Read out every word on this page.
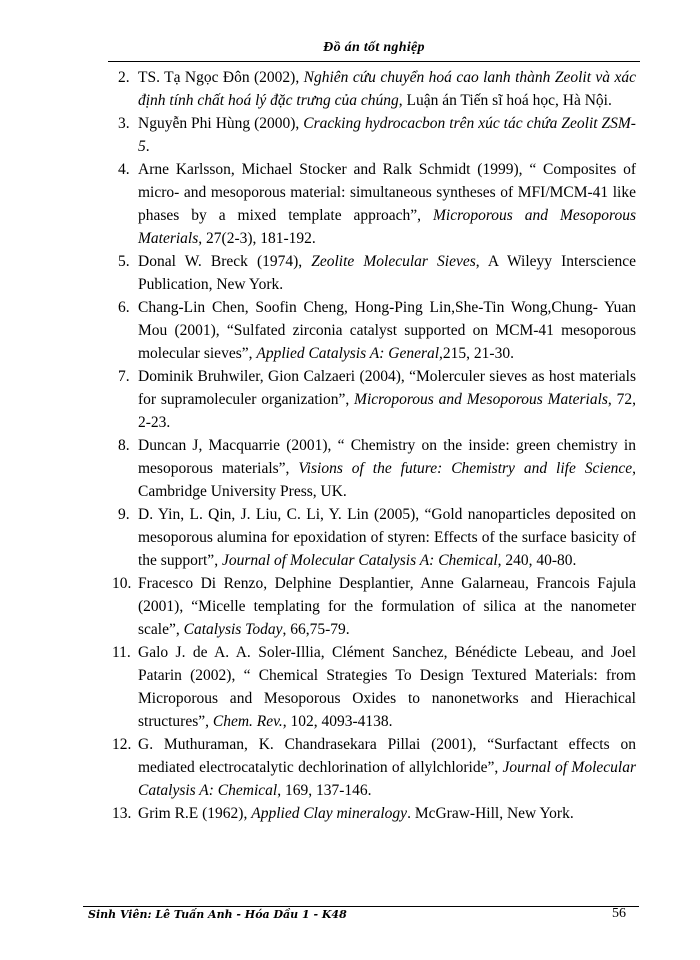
Đồ án tốt nghiệp
2. TS. Tạ Ngọc Đôn (2002), Nghiên cứu chuyển hoá cao lanh thành Zeolit và xác định tính chất hoá lý đặc trưng của chúng, Luận án Tiến sĩ hoá học, Hà Nội.
3. Nguyễn Phi Hùng (2000), Cracking hydrocacbon trên xúc tác chứa Zeolit ZSM-5.
4. Arne Karlsson, Michael Stocker and Ralk Schmidt (1999), “ Composites of micro- and mesoporous material: simultaneous syntheses of MFI/MCM-41 like phases by a mixed template approach”, Microporous and Mesoporous Materials, 27(2-3), 181-192.
5. Donal W. Breck (1974), Zeolite Molecular Sieves, A Wileyy Interscience Publication, New York.
6. Chang-Lin Chen, Soofin Cheng, Hong-Ping Lin,She-Tin Wong,Chung- Yuan Mou (2001), “Sulfated zirconia catalyst supported on MCM-41 mesoporous molecular sieves”, Applied Catalysis A: General,215, 21-30.
7. Dominik Bruhwiler, Gion Calzaeri (2004), “Molerculer sieves as host materials for supramoleculer organization”, Microporous and Mesoporous Materials, 72, 2-23.
8. Duncan J, Macquarrie (2001), “ Chemistry on the inside: green chemistry in mesoporous materials”, Visions of the future: Chemistry and life Science, Cambridge University Press, UK.
9. D. Yin, L. Qin, J. Liu, C. Li, Y. Lin (2005), “Gold nanoparticles deposited on mesoporous alumina for epoxidation of styren: Effects of the surface basicity of the support”, Journal of Molecular Catalysis A: Chemical, 240, 40-80.
10. Fracesco Di Renzo, Delphine Desplantier, Anne Galarneau, Francois Fajula (2001), “Micelle templating for the formulation of silica at the nanometer scale”, Catalysis Today, 66,75-79.
11. Galo J. de A. A. Soler-Illia, Clément Sanchez, Bénédicte Lebeau, and Joel Patarin (2002), “ Chemical Strategies To Design Textured Materials: from Microporous and Mesoporous Oxides to nanonetworks and Hierachical structures”, Chem. Rev., 102, 4093-4138.
12. G. Muthuraman, K. Chandrasekara Pillai (2001), “Surfactant effects on mediated electrocatalytic dechlorination of allylchloride”, Journal of Molecular Catalysis A: Chemical, 169, 137-146.
13. Grim R.E (1962), Applied Clay mineralogy. McGraw-Hill, New York.
Sinh Viên: Lê Tuấn Anh - Hóa Dầu 1 - K48	56
